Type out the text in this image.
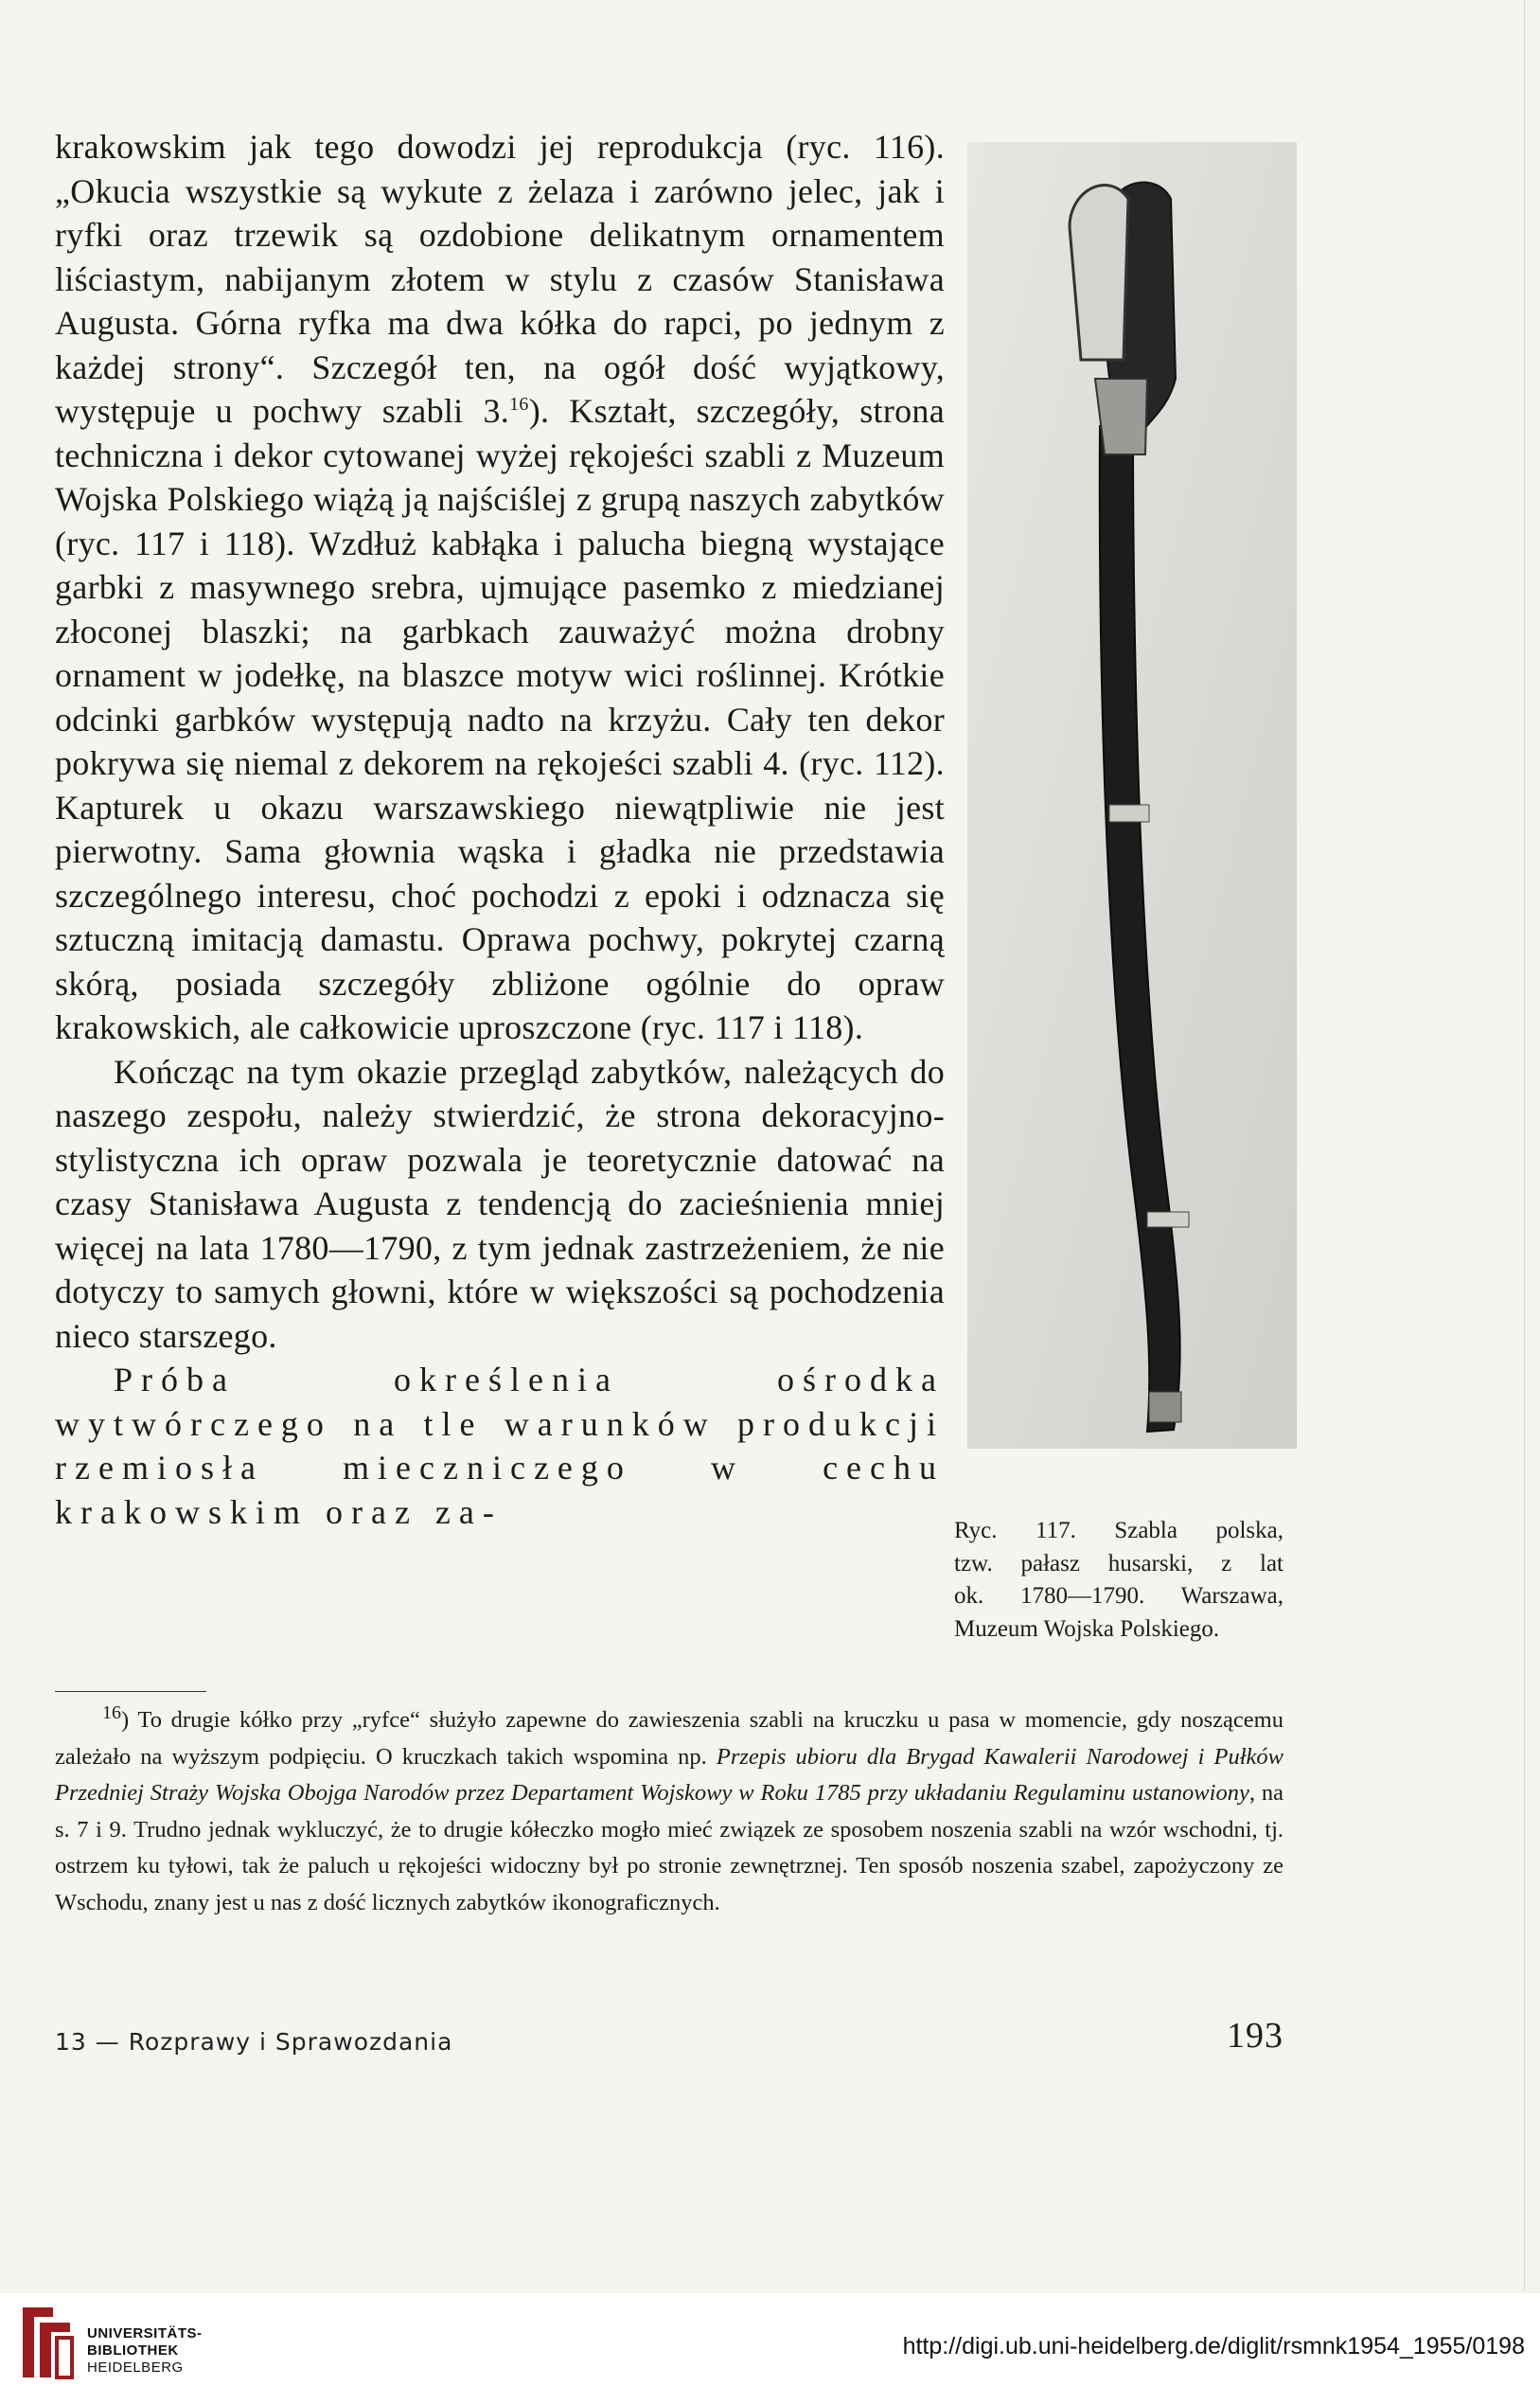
krakowskim jak tego dowodzi jej reprodukcja (ryc. 116). „Okucia wszystkie są wykute z żelaza i zarówno jelec, jak i ryfki oraz trzewik są ozdobione delikatnym ornamentem liściastym, nabijanym złotem w stylu z czasów Stanisława Augusta. Górna ryfka ma dwa kółka do rapci, po jednym z każdej strony“. Szczegół ten, na ogół dość wyjątkowy, występuje u pochwy szabli 3.16). Kształt, szczegóły, strona techniczna i dekor cytowanej wyżej rękojeści szabli z Muzeum Wojska Polskiego wiążą ją najściślej z grupą naszych zabytków (ryc. 117 i 118). Wzdłuż kabłąka i palucha biegną wystające garbki z masywnego srebra, ujmujące pasemko z miedzianej złoconej blaszki; na garbkach zauważyć można drobny ornament w jodełkę, na blaszce motyw wici roślinnej. Krótkie odcinki garbków występują nadto na krzyżu. Cały ten dekor pokrywa się niemal z dekorem na rękojeści szabli 4. (ryc. 112). Kapturek u okazu warszawskiego niewątpliwie nie jest pierwotny. Sama głownia wąska i gładka nie przedstawia szczególnego interesu, choć pochodzi z epoki i odznacza się sztuczną imitacją damastu. Oprawa pochwy, pokrytej czarną skórą, posiada szczegóły zbliżone ogólnie do opraw krakowskich, ale całkowicie uproszczone (ryc. 117 i 118).

Kończąc na tym okazie przegląd zabytków, należących do naszego zespołu, należy stwierdzić, że strona dekoracyjno-stylistyczna ich opraw pozwala je teoretycznie datować na czasy Stanisława Augusta z tendencją do zacieśnienia mniej więcej na lata 1780—1790, z tym jednak zastrzeżeniem, że nie dotyczy to samych głowni, które w większości są pochodzenia nieco starszego.

Próba określenia ośrodka wytwórczego na tle warunków produkcji rzemiosła mieczniczego w cechu krakowskim oraz za-	Ryc. 117. Szabla polska,
tzw. pałasz husarski, z lat
ok. 1780—1790. Warszawa,
Muzeum Wojska Polskiego.

$^{16}$) To drugie kółko przy „ryfce“ służyło zapewne do zawieszenia szabli na kruczku u pasa w momencie, gdy noszącemu zależało na wyższym podpięciu. O kruczkach takich wspomina np. Przepis ubioru dla Brygad Kawalerii Narodowej i Pułków Przedniej Straży Wojska Obojga Narodów przez Departament Wojskowy w Roku 1785 przy układaniu Regulaminu ustanowiony, na s. 7 i 9. Trudno jednak wykluczyć, że to drugie kółeczko mogło mieć związek ze sposobem noszenia szabli na wzór wschodni, tj. ostrzem ku tyłowi, tak że paluch u rękojeści widoczny był po stronie zewnętrznej. Ten sposób noszenia szabel, zapożyczony ze Wschodu, znany jest u nas z dość licznych zabytków ikonograficznych.

13 — Rozprawy i Sprawozdania	193
UNIVERSITÄTS-
BIBLIOTHEK
HEIDELBERG
http://digi.ub.uni-heidelberg.de/diglit/rsmnk1954_1955/0198
